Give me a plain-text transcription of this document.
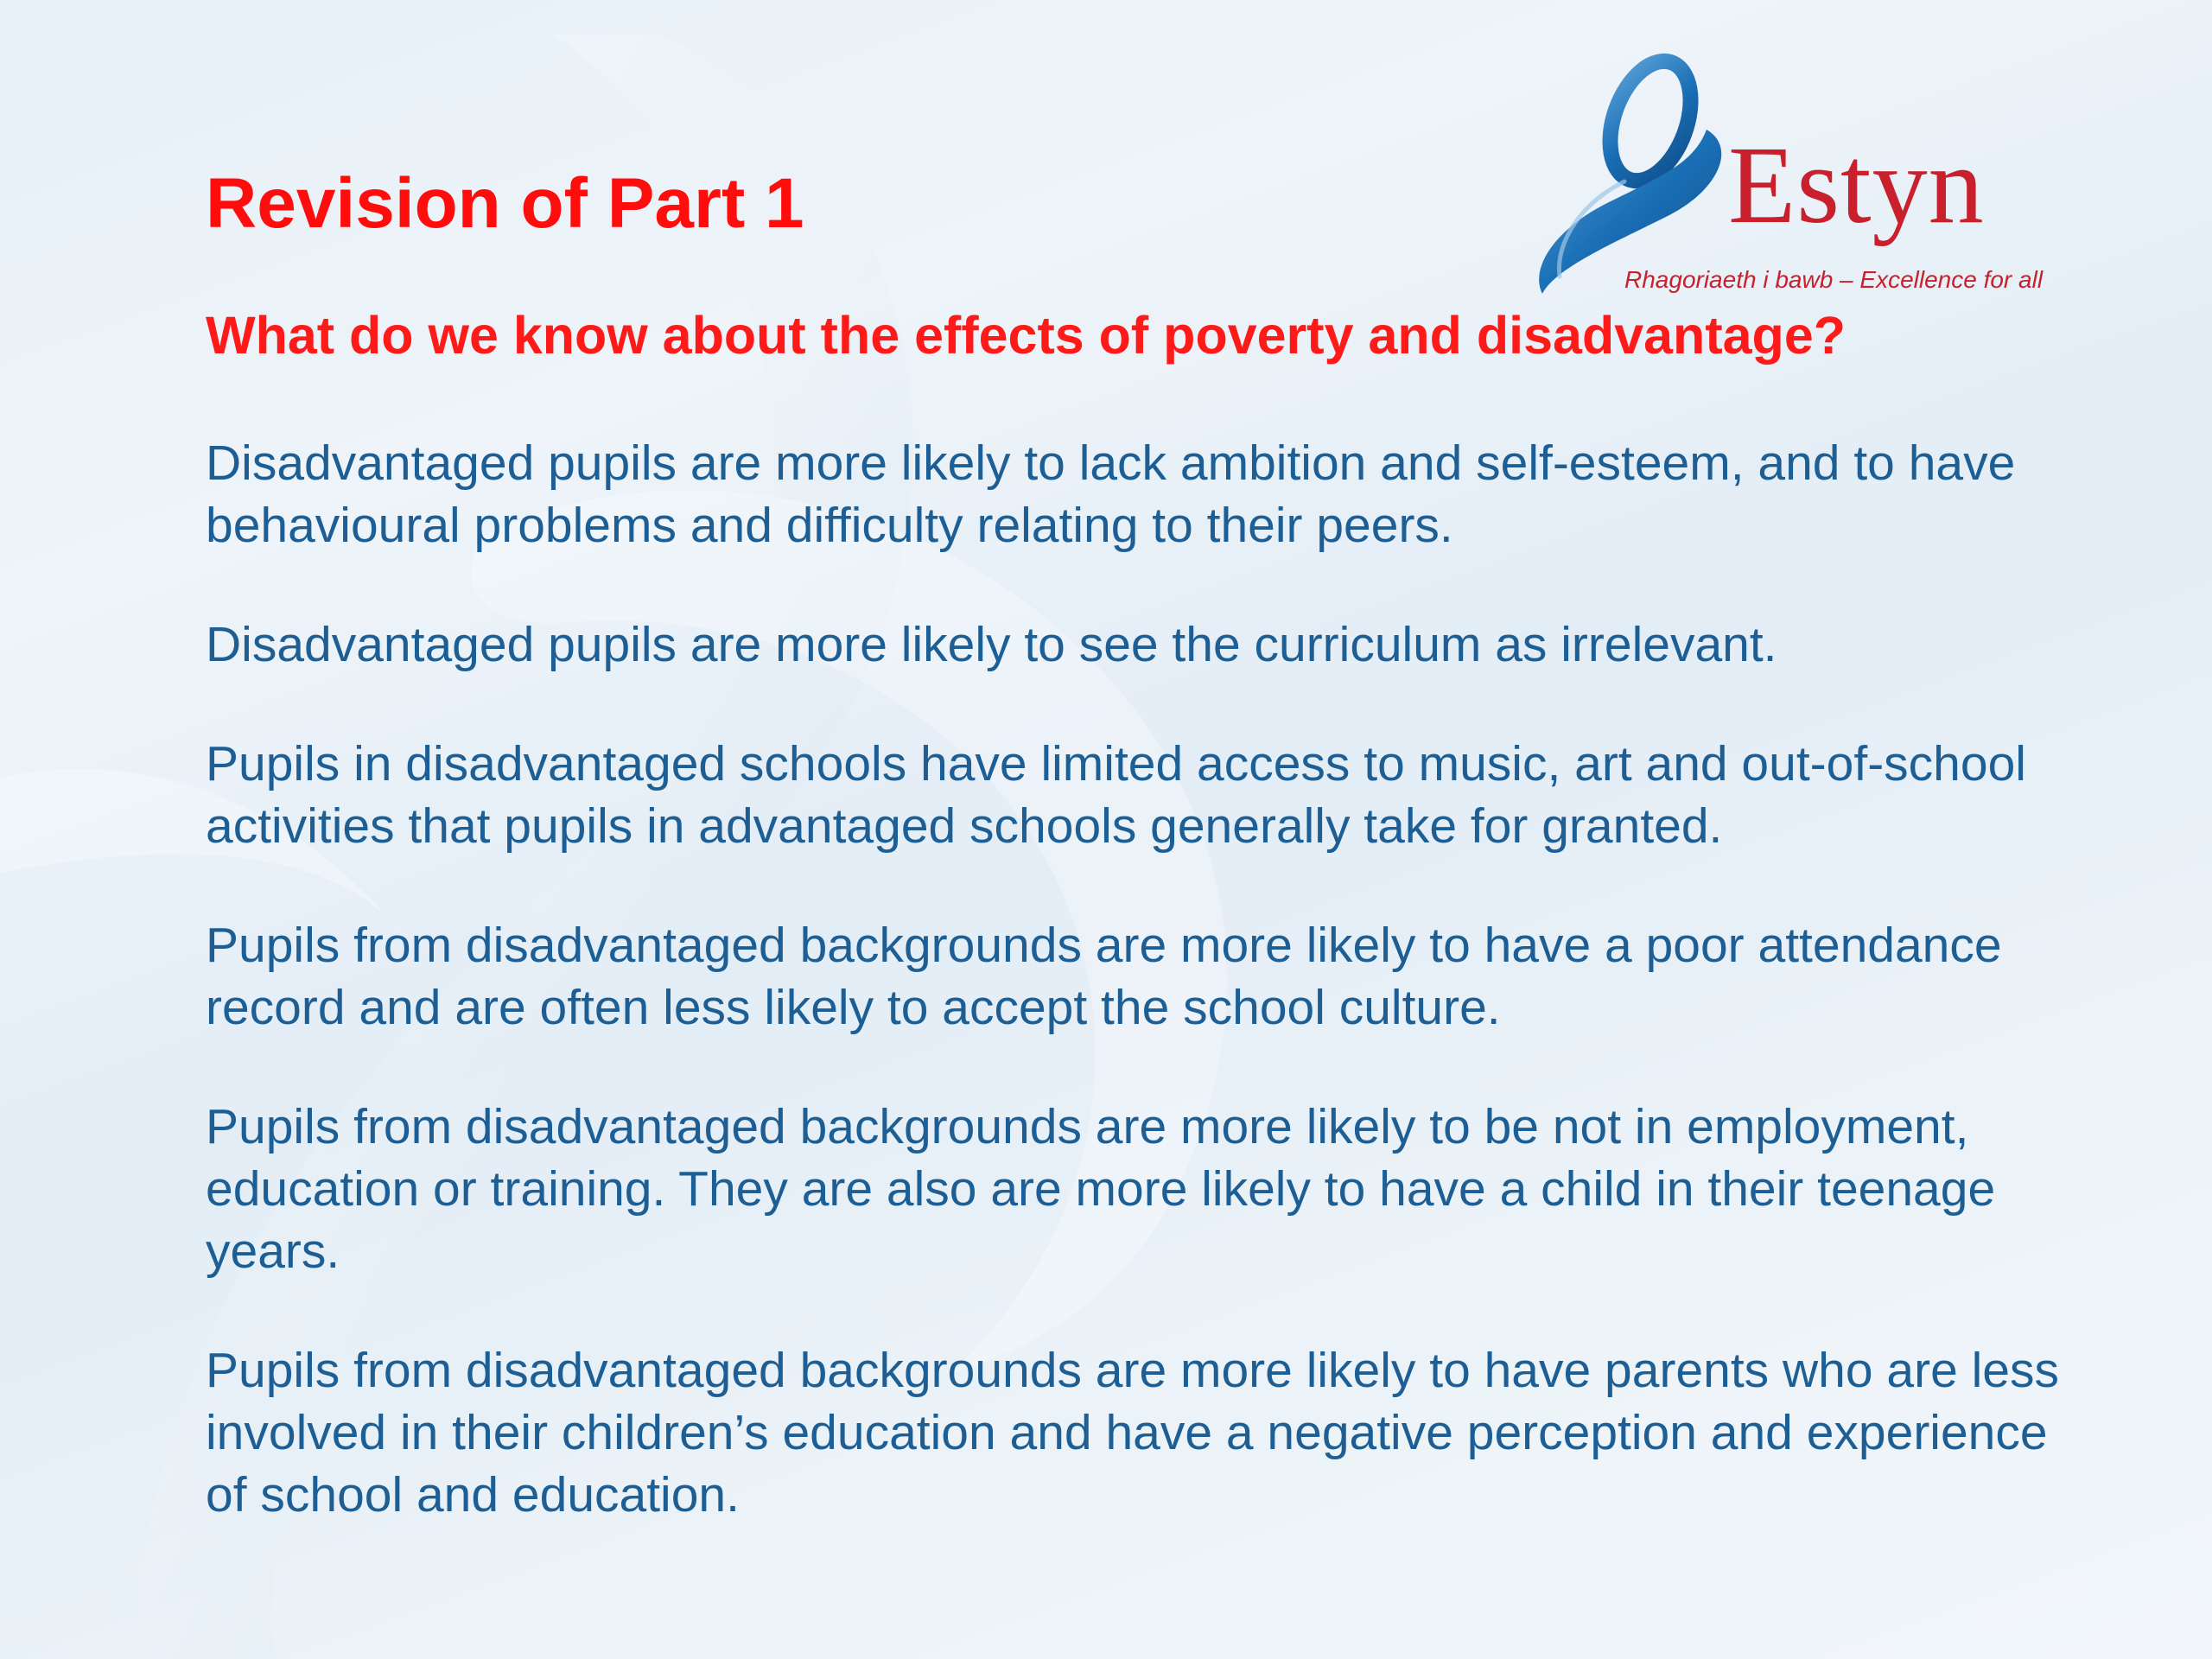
Revision of Part 1	Estyn
Rhagoriaeth i bawb – Excellence for all
What do we know about the effects of poverty and disadvantage?
Disadvantaged pupils are more likely to lack ambition and self-esteem, and to have behavioural problems and difficulty relating to their peers.
Disadvantaged pupils are more likely to see the curriculum as irrelevant.
Pupils in disadvantaged schools have limited access to music, art and out-of-school activities that pupils in advantaged schools generally take for granted.
Pupils from disadvantaged backgrounds are more likely to have a poor attendance record and are often less likely to accept the school culture.
Pupils from disadvantaged backgrounds are more likely to be not in employment, education or training. They are also are more likely to have a child in their teenage years.
Pupils from disadvantaged backgrounds are more likely to have parents who are less involved in their children’s education and have a negative perception and experience of school and education.
